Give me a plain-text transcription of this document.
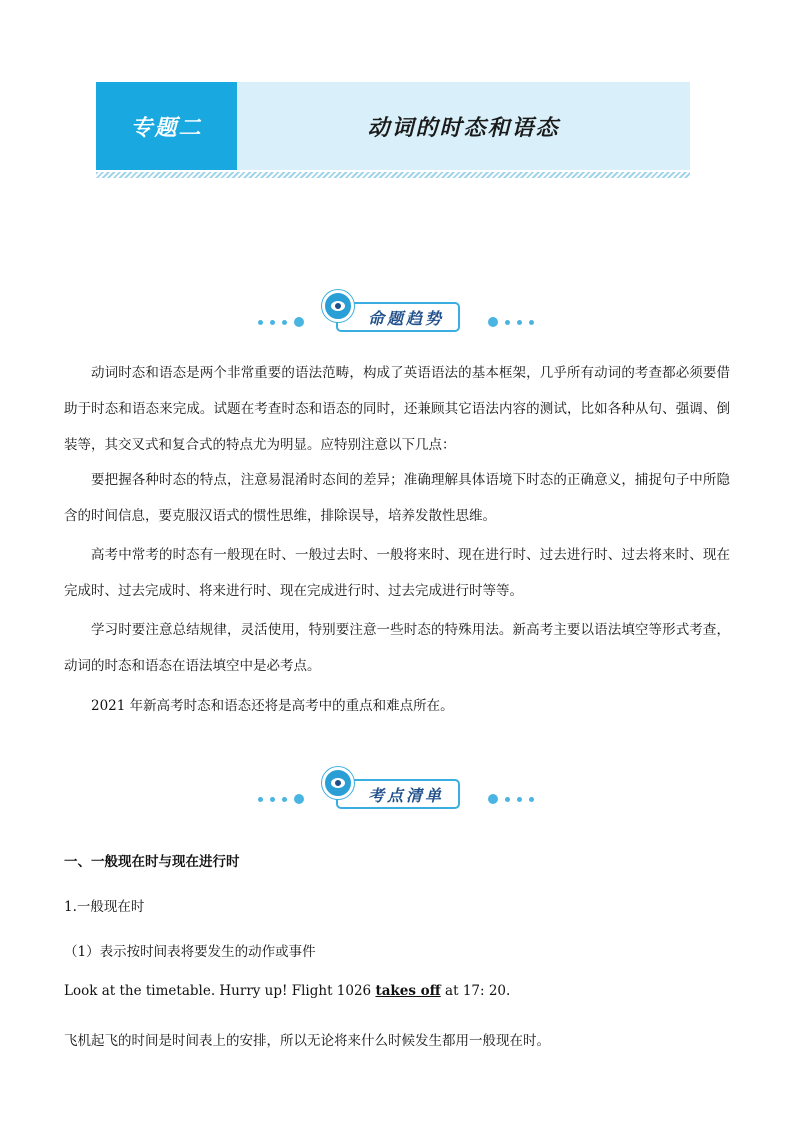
专题二	动词的时态和语态
命题趋势

动词时态和语态是两个非常重要的语法范畴，构成了英语语法的基本框架，几乎所有动词的考查都必须要借助于时态和语态来完成。试题在考查时态和语态的同时，还兼顾其它语法内容的测试，比如各种从句、强调、倒装等，其交叉式和复合式的特点尤为明显。应特别注意以下几点：

要把握各种时态的特点，注意易混淆时态间的差异；准确理解具体语境下时态的正确意义，捕捉句子中所隐含的时间信息，要克服汉语式的惯性思维，排除误导，培养发散性思维。

高考中常考的时态有一般现在时、一般过去时、一般将来时、现在进行时、过去进行时、过去将来时、现在完成时、过去完成时、将来进行时、现在完成进行时、过去完成进行时等等。

学习时要注意总结规律，灵活使用，特别要注意一些时态的特殊用法。新高考主要以语法填空等形式考查，动词的时态和语态在语法填空中是必考点。

2021 年新高考时态和语态还将是高考中的重点和难点所在。

考点清单
一、一般现在时与现在进行时
1.一般现在时
（1）表示按时间表将要发生的动作或事件
Look at the timetable. Hurry up! Flight 1026 takes off at 17: 20.
飞机起飞的时间是时间表上的安排，所以无论将来什么时候发生都用一般现在时。
